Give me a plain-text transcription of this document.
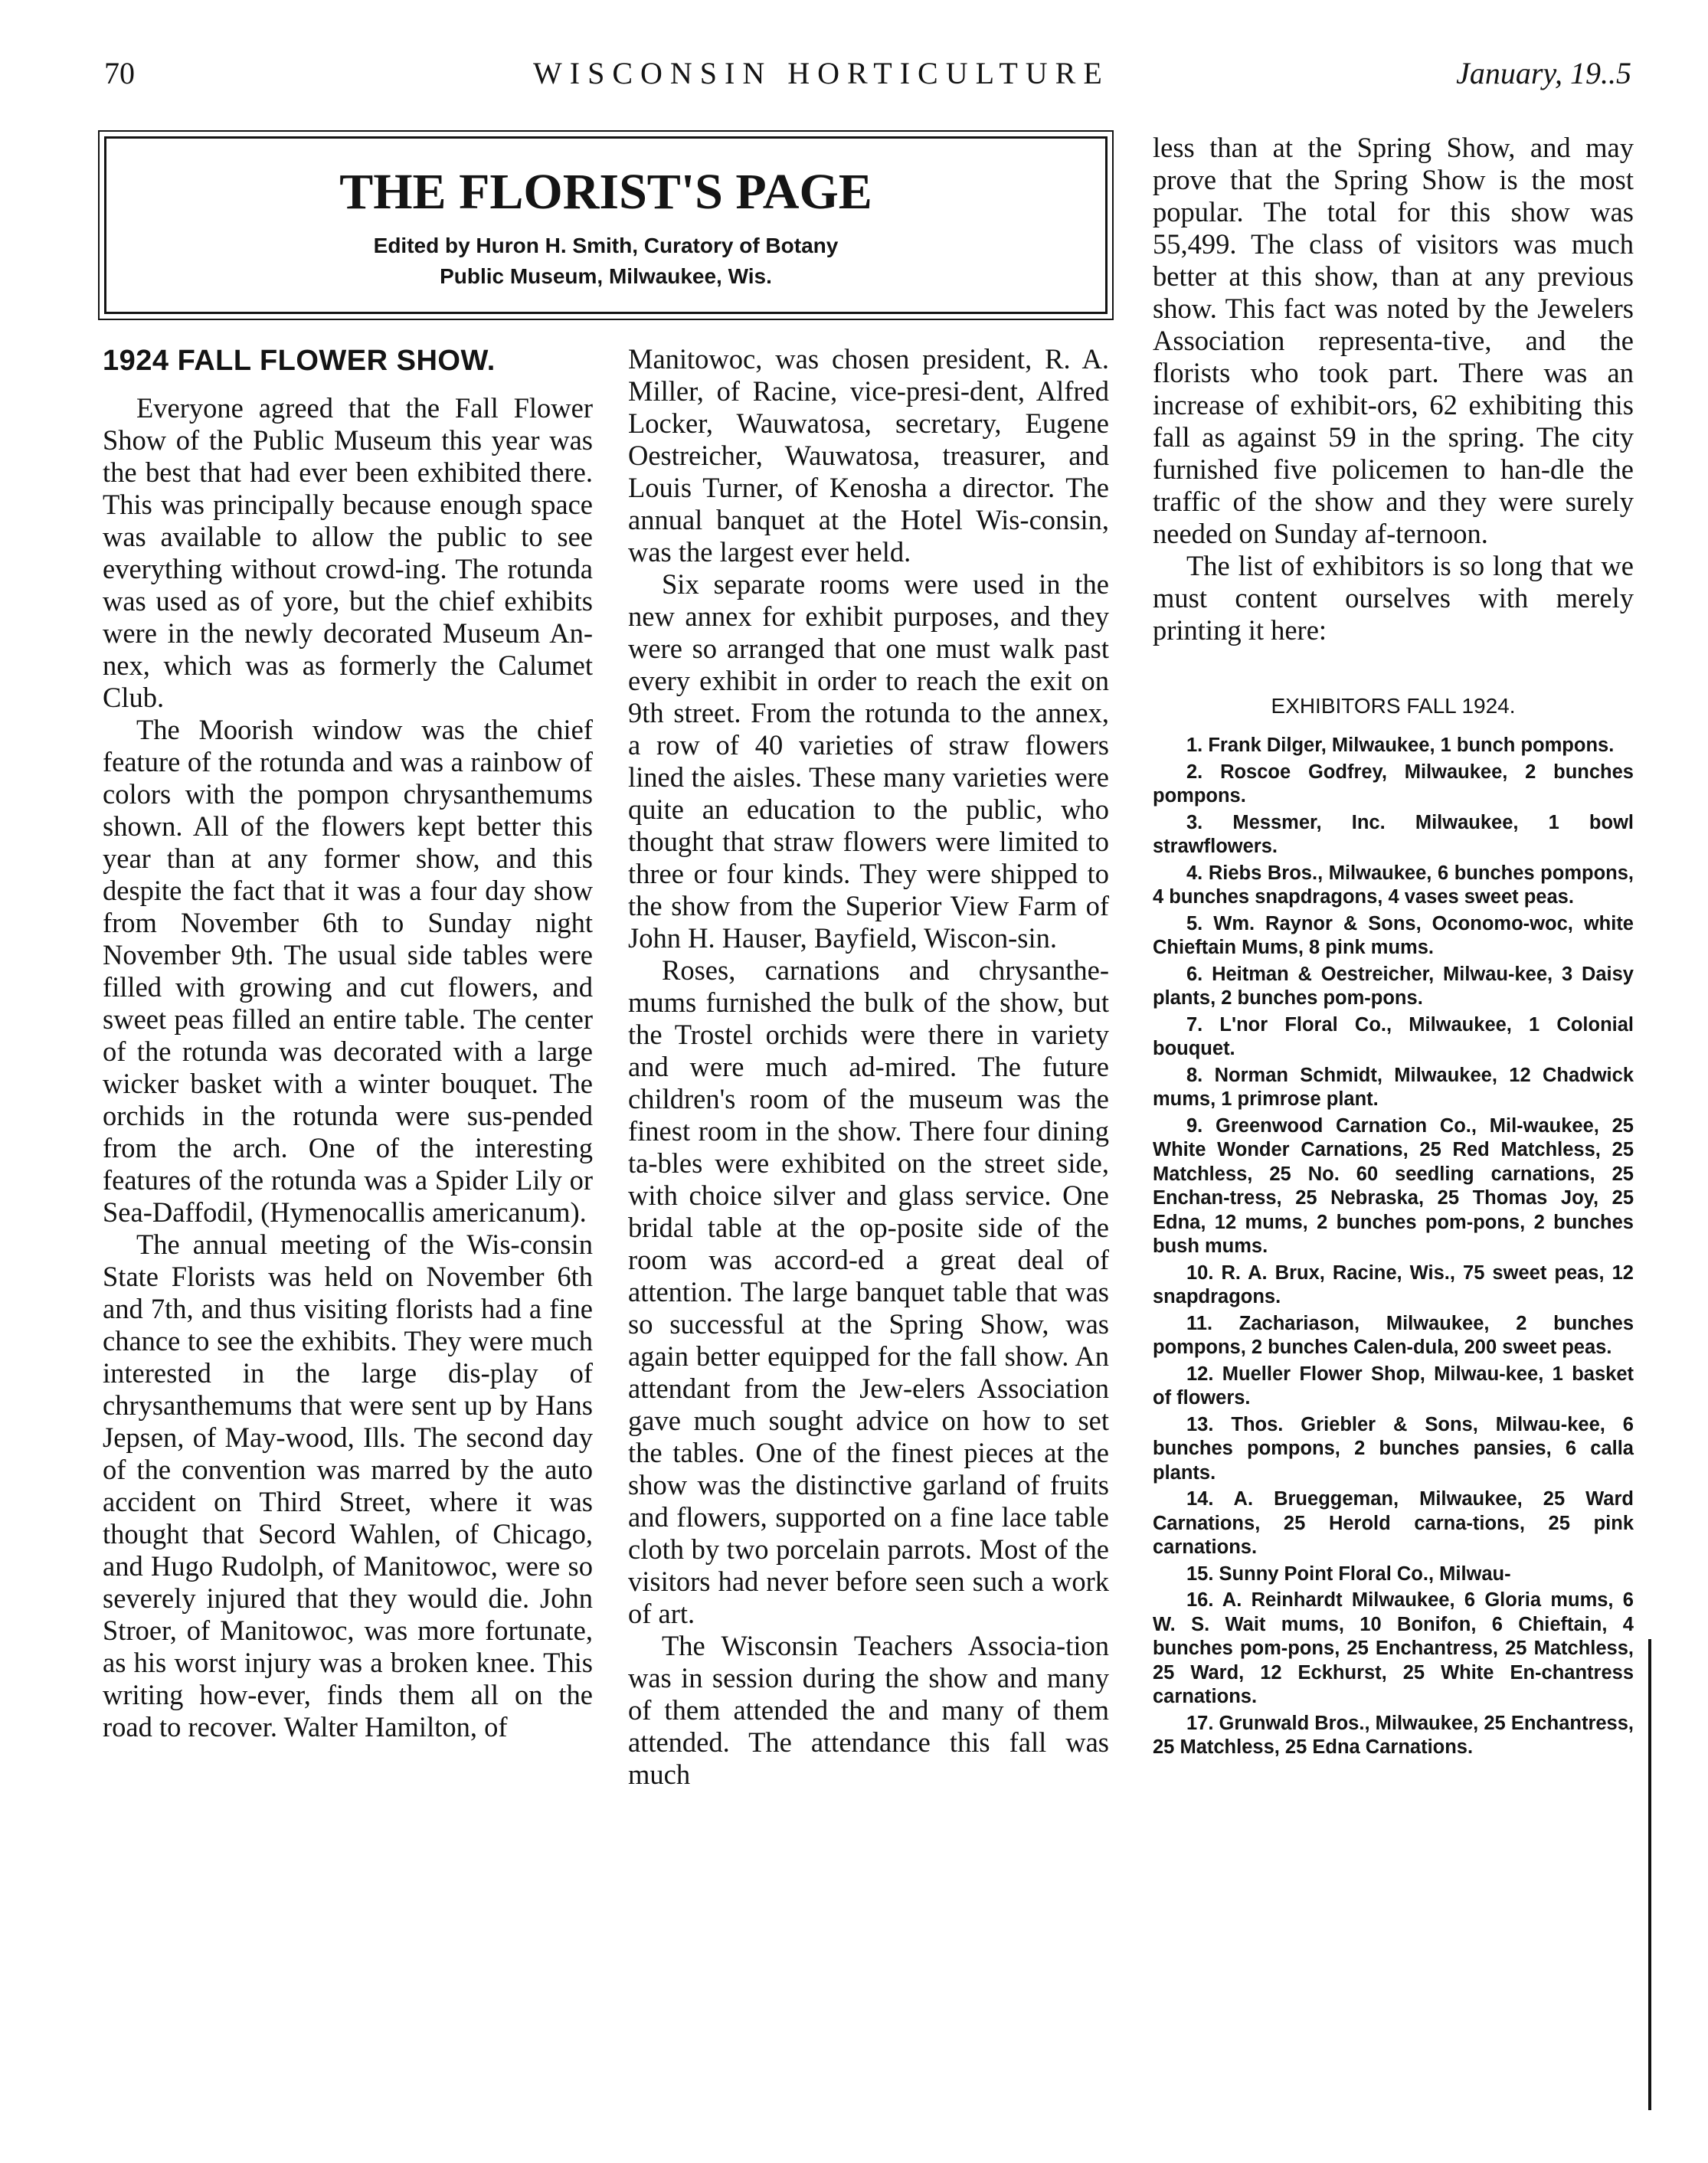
70	WISCONSIN HORTICULTURE	January, 19..5
THE FLORIST'S PAGE
Edited by Huron H. Smith, Curatory of Botany
Public Museum, Milwaukee, Wis.
1924 FALL FLOWER SHOW.

Everyone agreed that the Fall Flower Show of the Public Museum this year was the best that had ever been exhibited there. This was principally because enough space was available to allow the public to see everything without crowd-ing. The rotunda was used as of yore, but the chief exhibits were in the newly decorated Museum An-nex, which was as formerly the Calumet Club.

The Moorish window was the chief feature of the rotunda and was a rainbow of colors with the pompon chrysanthemums shown. All of the flowers kept better this year than at any former show, and this despite the fact that it was a four day show from November 6th to Sunday night November 9th. The usual side tables were filled with growing and cut flowers, and sweet peas filled an entire table. The center of the rotunda was decorated with a large wicker basket with a winter bouquet. The orchids in the rotunda were sus-pended from the arch. One of the interesting features of the rotunda was a Spider Lily or Sea-Daffodil, (Hymenocallis americanum).

The annual meeting of the Wis-consin State Florists was held on November 6th and 7th, and thus visiting florists had a fine chance to see the exhibits. They were much interested in the large dis-play of chrysanthemums that were sent up by Hans Jepsen, of May-wood, Ills. The second day of the convention was marred by the auto accident on Third Street, where it was thought that Secord Wahlen, of Chicago, and Hugo Rudolph, of Manitowoc, were so severely injured that they would die. John Stroer, of Manitowoc, was more fortunate, as his worst injury was a broken knee. This writing how-ever, finds them all on the road to recover. Walter Hamilton, of

Manitowoc, was chosen president, R. A. Miller, of Racine, vice-presi-dent, Alfred Locker, Wauwatosa, secretary, Eugene Oestreicher, Wauwatosa, treasurer, and Louis Turner, of Kenosha a director. The annual banquet at the Hotel Wis-consin, was the largest ever held.

Six separate rooms were used in the new annex for exhibit purposes, and they were so arranged that one must walk past every exhibit in order to reach the exit on 9th street. From the rotunda to the annex, a row of 40 varieties of straw flowers lined the aisles. These many varieties were quite an education to the public, who thought that straw flowers were limited to three or four kinds. They were shipped to the show from the Superior View Farm of John H. Hauser, Bayfield, Wiscon-sin.

Roses, carnations and chrysanthe-mums furnished the bulk of the show, but the Trostel orchids were there in variety and were much ad-mired. The future children's room of the museum was the finest room in the show. There four dining ta-bles were exhibited on the street side, with choice silver and glass service. One bridal table at the op-posite side of the room was accord-ed a great deal of attention. The large banquet table that was so successful at the Spring Show, was again better equipped for the fall show. An attendant from the Jew-elers Association gave much sought advice on how to set the tables. One of the finest pieces at the show was the distinctive garland of fruits and flowers, supported on a fine lace table cloth by two porcelain parrots. Most of the visitors had never before seen such a work of art.

The Wisconsin Teachers Associa-tion was in session during the show and many of them attended the and many of them attended. The attendance this fall was much

less than at the Spring Show, and may prove that the Spring Show is the most popular. The total for this show was 55,499. The class of visitors was much better at this show, than at any previous show. This fact was noted by the Jewelers Association representa-tive, and the florists who took part. There was an increase of exhibit-ors, 62 exhibiting this fall as against 59 in the spring. The city furnished five policemen to han-dle the traffic of the show and they were surely needed on Sunday af-ternoon.

The list of exhibitors is so long that we must content ourselves with merely printing it here:

EXHIBITORS FALL 1924.
1. Frank Dilger, Milwaukee, 1 bunch pompons.
2. Roscoe Godfrey, Milwaukee, 2 bunches pompons.
3. Messmer, Inc. Milwaukee, 1 bowl strawflowers.
4. Riebs Bros., Milwaukee, 6 bunches pompons, 4 bunches snapdragons, 4 vases sweet peas.
5. Wm. Raynor & Sons, Oconomo-woc, white Chieftain Mums, 8 pink mums.
6. Heitman & Oestreicher, Milwau-kee, 3 Daisy plants, 2 bunches pom-pons.
7. L'nor Floral Co., Milwaukee, 1 Colonial bouquet.
8. Norman Schmidt, Milwaukee, 12 Chadwick mums, 1 primrose plant.
9. Greenwood Carnation Co., Mil-waukee, 25 White Wonder Carnations, 25 Red Matchless, 25 Matchless, 25 No. 60 seedling carnations, 25 Enchan-tress, 25 Nebraska, 25 Thomas Joy, 25 Edna, 12 mums, 2 bunches pom-pons, 2 bunches bush mums.
10. R. A. Brux, Racine, Wis., 75 sweet peas, 12 snapdragons.
11. Zachariason, Milwaukee, 2 bunches pompons, 2 bunches Calen-dula, 200 sweet peas.
12. Mueller Flower Shop, Milwau-kee, 1 basket of flowers.
13. Thos. Griebler & Sons, Milwau-kee, 6 bunches pompons, 2 bunches pansies, 6 calla plants.
14. A. Brueggeman, Milwaukee, 25 Ward Carnations, 25 Herold carna-tions, 25 pink carnations.
15. Sunny Point Floral Co., Milwau-
16. A. Reinhardt Milwaukee, 6 Gloria mums, 6 W. S. Wait mums, 10 Bonifon, 6 Chieftain, 4 bunches pom-pons, 25 Enchantress, 25 Matchless, 25 Ward, 12 Eckhurst, 25 White En-chantress carnations.
17. Grunwald Bros., Milwaukee, 25 Enchantress, 25 Matchless, 25 Edna Carnations.
